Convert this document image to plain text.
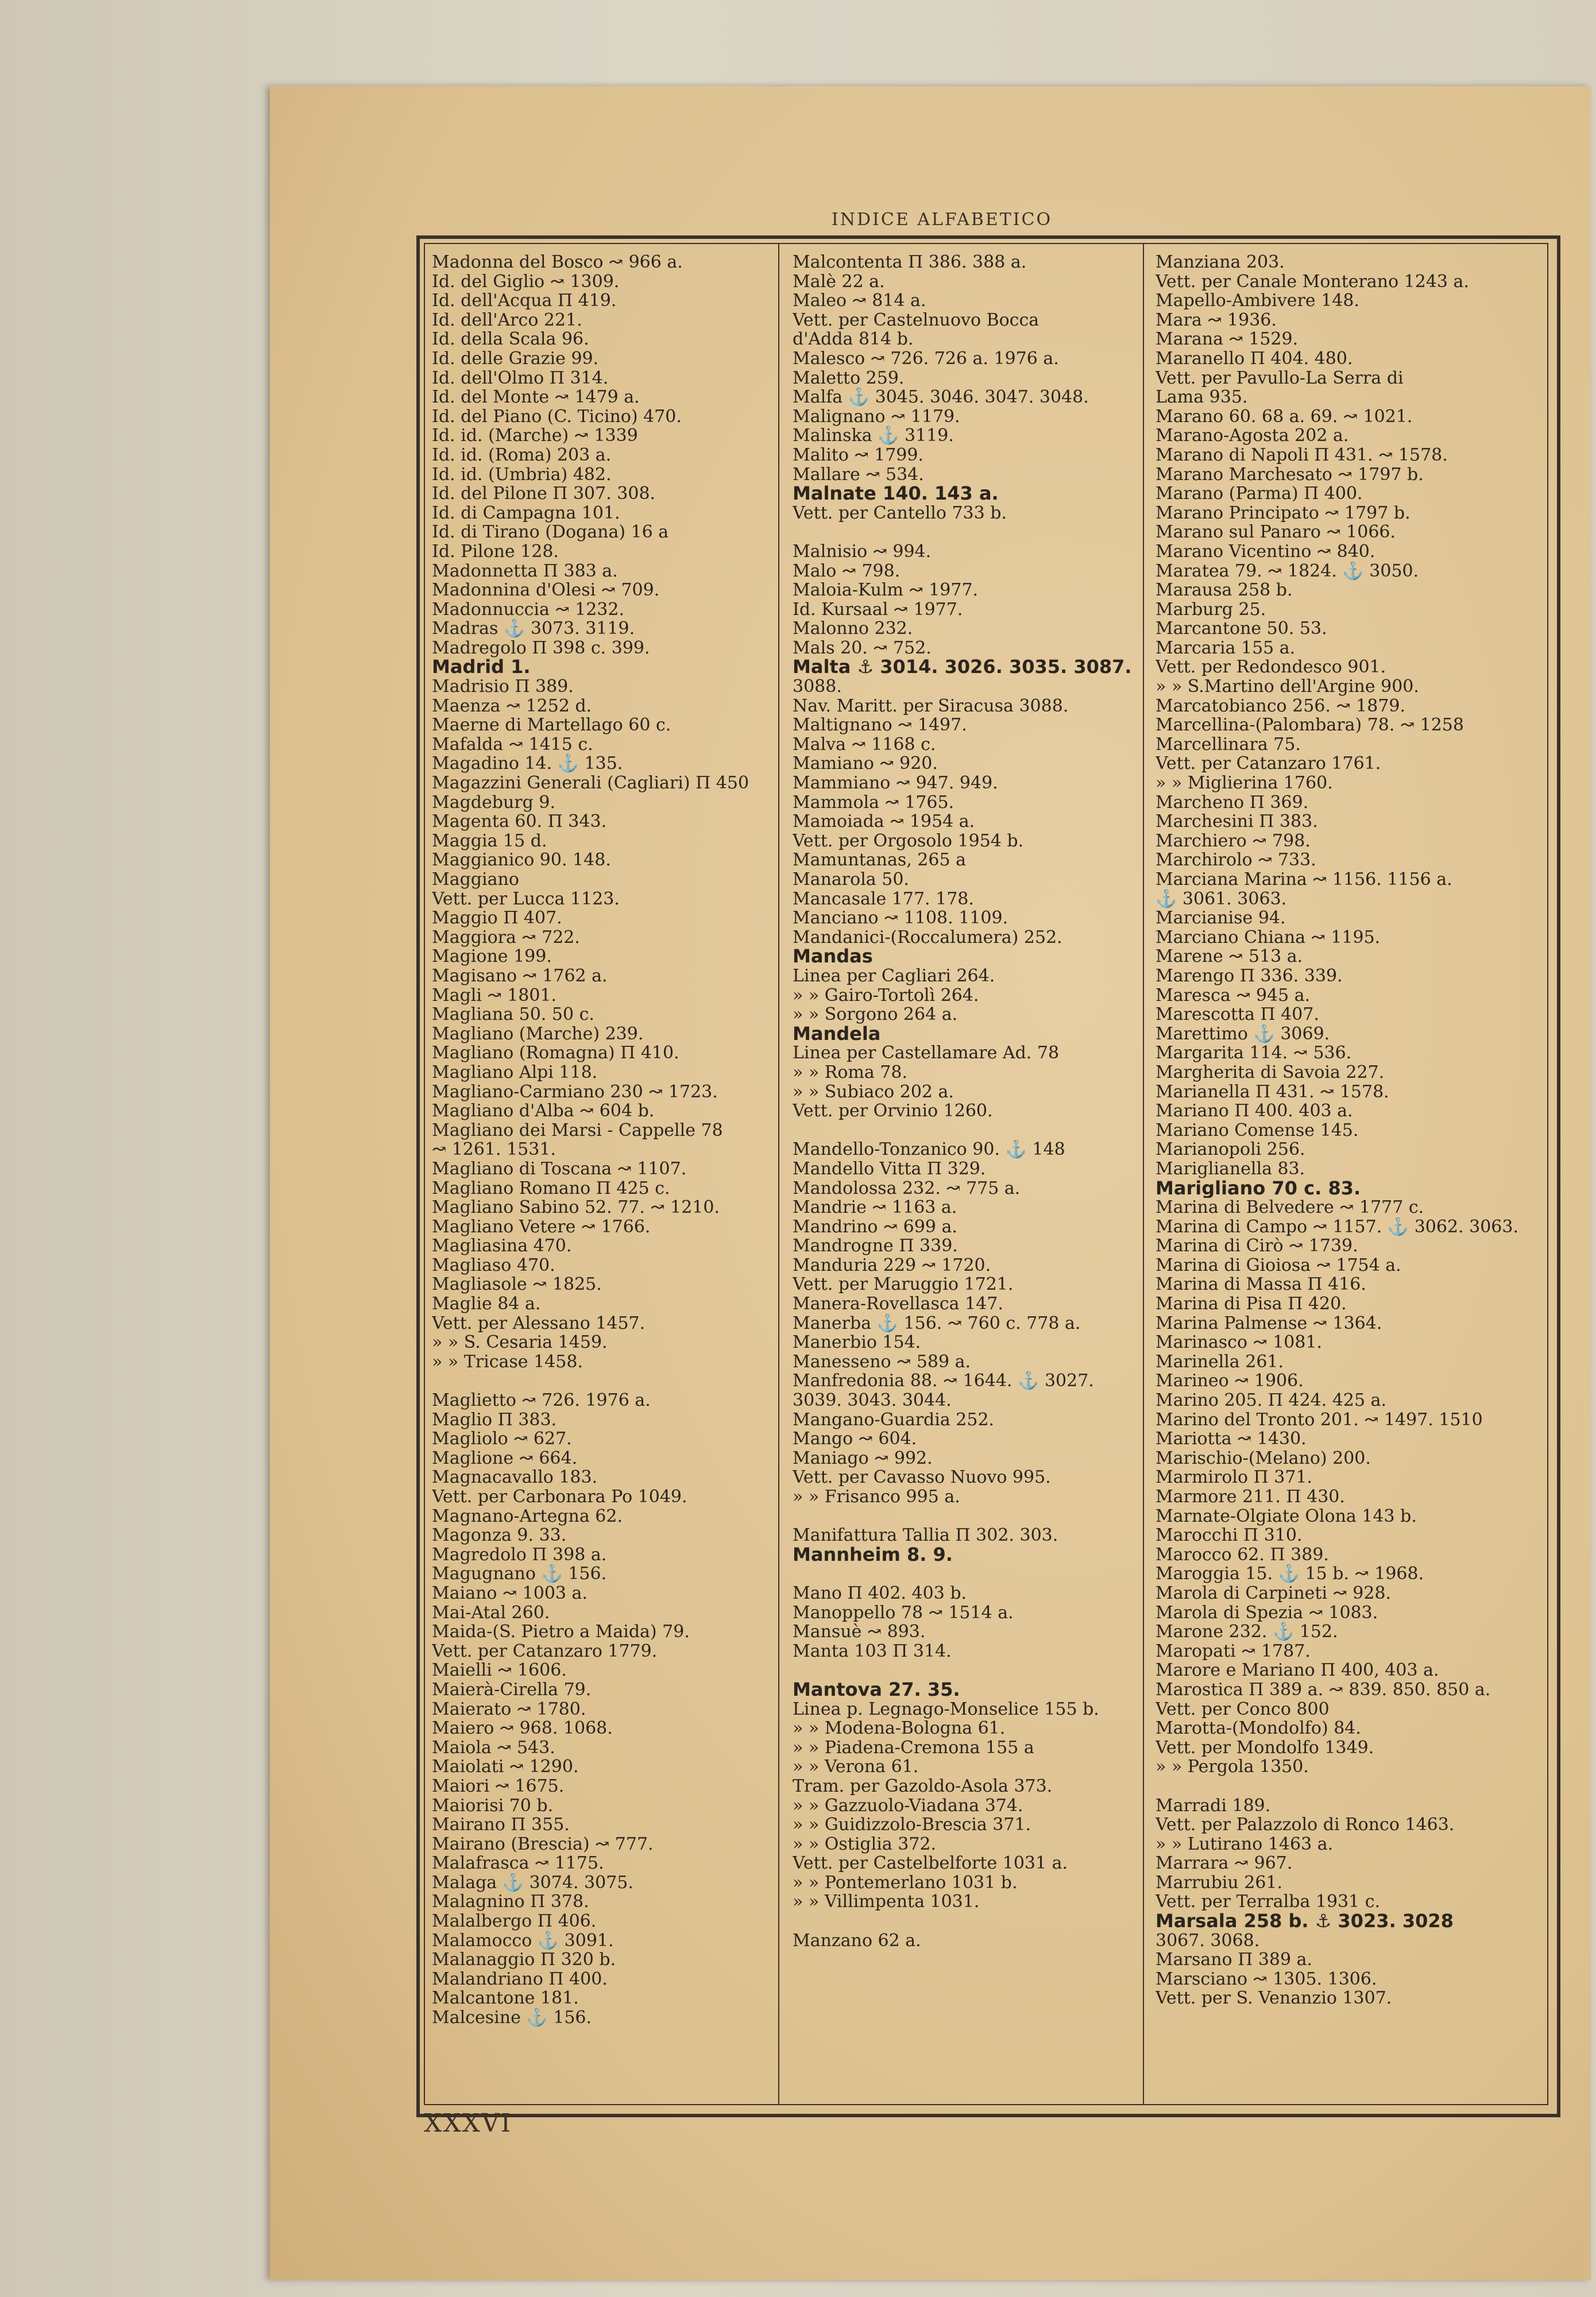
INDICE ALFABETICO
Madonna del Bosco ↝ 966 a.
Id. del Giglio ↝ 1309.
Id. dell'Acqua Π 419.
Id. dell'Arco 221.
Id. della Scala 96.
Id. delle Grazie 99.
Id. dell'Olmo Π 314.
Id. del Monte ↝ 1479 a.
Id. del Piano (C. Ticino) 470.
Id. id. (Marche) ↝ 1339
Id. id. (Roma) 203 a.
Id. id. (Umbria) 482.
Id. del Pilone Π 307. 308.
Id. di Campagna 101.
Id. di Tirano (Dogana) 16 a
Id. Pilone 128.
Madonnetta Π 383 a.
Madonnina d'Olesi ↝ 709.
Madonnuccia ↝ 1232.
Madras ⚓ 3073. 3119.
Madregolo Π 398 c. 399.
Madrid 1.
Madrisio Π 389.
Maenza ↝ 1252 d.
Maerne di Martellago 60 c.
Mafalda ↝ 1415 c.
Magadino 14. ⚓ 135.
Magazzini Generali (Cagliari) Π 450
Magdeburg 9.
Magenta 60. Π 343.
Maggia 15 d.
Maggianico 90. 148.
Maggiano
Vett. per Lucca 1123.
Maggio Π 407.
Maggiora ↝ 722.
Magione 199.
Magisano ↝ 1762 a.
Magli ↝ 1801.
Magliana 50. 50 c.
Magliano (Marche) 239.
Magliano (Romagna) Π 410.
Magliano Alpi 118.
Magliano-Carmiano 230 ↝ 1723.
Magliano d'Alba ↝ 604 b.
Magliano dei Marsi - Cappelle 78
↝ 1261. 1531.
Magliano di Toscana ↝ 1107.
Magliano Romano Π 425 c.
Magliano Sabino 52. 77. ↝ 1210.
Magliano Vetere ↝ 1766.
Magliasina 470.
Magliaso 470.
Magliasole ↝ 1825.
Maglie 84 a.
Vett. per Alessano 1457.
» » S. Cesaria 1459.
» » Tricase 1458.
Maglietto ↝ 726. 1976 a.
Maglio Π 383.
Magliolo ↝ 627.
Maglione ↝ 664.
Magnacavallo 183.
Vett. per Carbonara Po 1049.
Magnano-Artegna 62.
Magonza 9. 33.
Magredolo Π 398 a.
Magugnano ⚓ 156.
Maiano ↝ 1003 a.
Mai-Atal 260.
Maida-(S. Pietro a Maida) 79.
Vett. per Catanzaro 1779.
Maielli ↝ 1606.
Maierà-Cirella 79.
Maierato ↝ 1780.
Maiero ↝ 968. 1068.
Maiola ↝ 543.
Maiolati ↝ 1290.
Maiori ↝ 1675.
Maiorisi 70 b.
Mairano Π 355.
Mairano (Brescia) ↝ 777.
Malafrasca ↝ 1175.
Malaga ⚓ 3074. 3075.
Malagnino Π 378.
Malalbergo Π 406.
Malamocco ⚓ 3091.
Malanaggio Π 320 b.
Malandriano Π 400.
Malcantone 181.
Malcesine ⚓ 156.
Malcontenta Π 386. 388 a.
Malè 22 a.
Maleo ↝ 814 a.
Vett. per Castelnuovo Bocca
d'Adda 814 b.
Malesco ↝ 726. 726 a. 1976 a.
Maletto 259.
Malfa ⚓ 3045. 3046. 3047. 3048.
Malignano ↝ 1179.
Malinska ⚓ 3119.
Malito ↝ 1799.
Mallare ↝ 534.
Malnate 140. 143 a.
Vett. per Cantello 733 b.
Malnisio ↝ 994.
Malo ↝ 798.
Maloia-Kulm ↝ 1977.
Id. Kursaal ↝ 1977.
Malonno 232.
Mals 20. ↝ 752.
Malta ⚓ 3014. 3026. 3035. 3087.
3088.
Nav. Maritt. per Siracusa 3088.
Maltignano ↝ 1497.
Malva ↝ 1168 c.
Mamiano ↝ 920.
Mammiano ↝ 947. 949.
Mammola ↝ 1765.
Mamoiada ↝ 1954 a.
Vett. per Orgosolo 1954 b.
Mamuntanas, 265 a
Manarola 50.
Mancasale 177. 178.
Manciano ↝ 1108. 1109.
Mandanici-(Roccalumera) 252.
Mandas
Linea per Cagliari 264.
» » Gairo-Tortolì 264.
» » Sorgono 264 a.
Mandela
Linea per Castellamare Ad. 78
» » Roma 78.
» » Subiaco 202 a.
Vett. per Orvinio 1260.
Mandello-Tonzanico 90. ⚓ 148
Mandello Vitta Π 329.
Mandolossa 232. ↝ 775 a.
Mandrie ↝ 1163 a.
Mandrino ↝ 699 a.
Mandrogne Π 339.
Manduria 229 ↝ 1720.
Vett. per Maruggio 1721.
Manera-Rovellasca 147.
Manerba ⚓ 156. ↝ 760 c. 778 a.
Manerbio 154.
Manesseno ↝ 589 a.
Manfredonia 88. ↝ 1644. ⚓ 3027.
3039. 3043. 3044.
Mangano-Guardia 252.
Mango ↝ 604.
Maniago ↝ 992.
Vett. per Cavasso Nuovo 995.
» » Frisanco 995 a.
Manifattura Tallia Π 302. 303.
Mannheim 8. 9.
Mano Π 402. 403 b.
Manoppello 78 ↝ 1514 a.
Mansuè ↝ 893.
Manta 103 Π 314.
Mantova 27. 35.
Linea p. Legnago-Monselice 155 b.
» » Modena-Bologna 61.
» » Piadena-Cremona 155 a
» » Verona 61.
Tram. per Gazoldo-Asola 373.
» » Gazzuolo-Viadana 374.
» » Guidizzolo-Brescia 371.
» » Ostiglia 372.
Vett. per Castelbelforte 1031 a.
» » Pontemerlano 1031 b.
» » Villimpenta 1031.
Manzano 62 a.
Manziana 203.
Vett. per Canale Monterano 1243 a.
Mapello-Ambivere 148.
Mara ↝ 1936.
Marana ↝ 1529.
Maranello Π 404. 480.
Vett. per Pavullo-La Serra di
Lama 935.
Marano 60. 68 a. 69. ↝ 1021.
Marano-Agosta 202 a.
Marano di Napoli Π 431. ↝ 1578.
Marano Marchesato ↝ 1797 b.
Marano (Parma) Π 400.
Marano Principato ↝ 1797 b.
Marano sul Panaro ↝ 1066.
Marano Vicentino ↝ 840.
Maratea 79. ↝ 1824. ⚓ 3050.
Marausa 258 b.
Marburg 25.
Marcantone 50. 53.
Marcaria 155 a.
Vett. per Redondesco 901.
» » S.Martino dell'Argine 900.
Marcatobianco 256. ↝ 1879.
Marcellina-(Palombara) 78. ↝ 1258
Marcellinara 75.
Vett. per Catanzaro 1761.
» » Miglierina 1760.
Marcheno Π 369.
Marchesini Π 383.
Marchiero ↝ 798.
Marchirolo ↝ 733.
Marciana Marina ↝ 1156. 1156 a.
⚓ 3061. 3063.
Marcianise 94.
Marciano Chiana ↝ 1195.
Marene ↝ 513 a.
Marengo Π 336. 339.
Maresca ↝ 945 a.
Marescotta Π 407.
Marettimo ⚓ 3069.
Margarita 114. ↝ 536.
Margherita di Savoia 227.
Marianella Π 431. ↝ 1578.
Mariano Π 400. 403 a.
Mariano Comense 145.
Marianopoli 256.
Mariglianella 83.
Marigliano 70 c. 83.
Marina di Belvedere ↝ 1777 c.
Marina di Campo ↝ 1157. ⚓ 3062. 3063.
Marina di Cirò ↝ 1739.
Marina di Gioiosa ↝ 1754 a.
Marina di Massa Π 416.
Marina di Pisa Π 420.
Marina Palmense ↝ 1364.
Marinasco ↝ 1081.
Marinella 261.
Marineo ↝ 1906.
Marino 205. Π 424. 425 a.
Marino del Tronto 201. ↝ 1497. 1510
Mariotta ↝ 1430.
Marischio-(Melano) 200.
Marmirolo Π 371.
Marmore 211. Π 430.
Marnate-Olgiate Olona 143 b.
Marocchi Π 310.
Marocco 62. Π 389.
Maroggia 15. ⚓ 15 b. ↝ 1968.
Marola di Carpineti ↝ 928.
Marola di Spezia ↝ 1083.
Marone 232. ⚓ 152.
Maropati ↝ 1787.
Marore e Mariano Π 400, 403 a.
Marostica Π 389 a. ↝ 839. 850. 850 a.
Vett. per Conco 800
Marotta-(Mondolfo) 84.
Vett. per Mondolfo 1349.
» » Pergola 1350.
Marradi 189.
Vett. per Palazzolo di Ronco 1463.
» » Lutirano 1463 a.
Marrara ↝ 967.
Marrubiu 261.
Vett. per Terralba 1931 c.
Marsala 258 b. ⚓ 3023. 3028
3067. 3068.
Marsano Π 389 a.
Marsciano ↝ 1305. 1306.
Vett. per S. Venanzio 1307.
XXXVI
